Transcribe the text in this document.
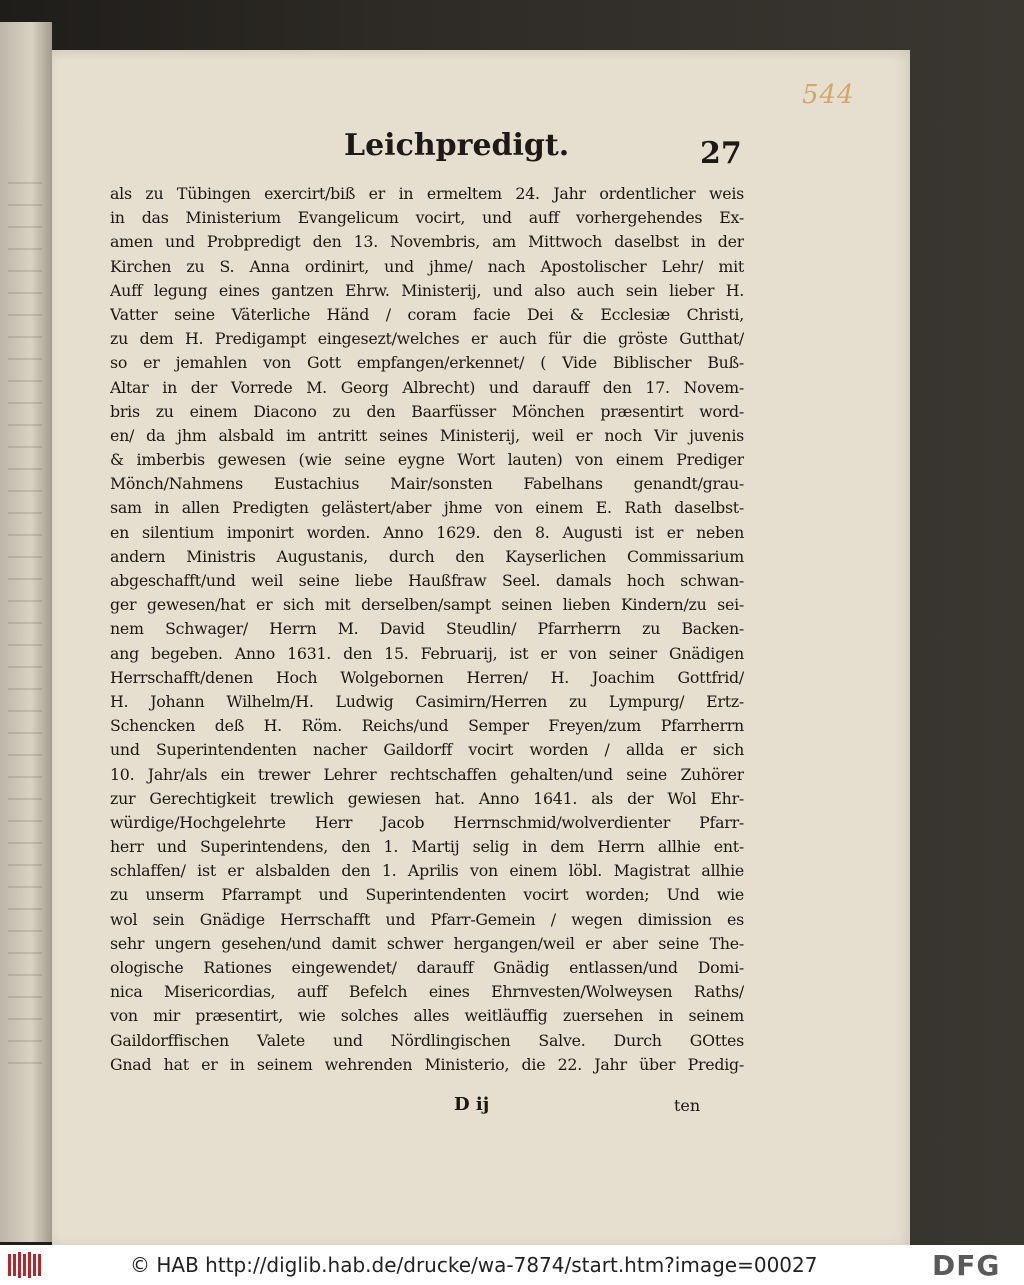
544
Leichpredigt.	27
als zu Tübingen exercirt/biß er in ermeltem 24. Jahr ordentlicher weis
in das Ministerium Evangelicum vocirt, und auff vorhergehendes Ex-
amen und Probpredigt den 13. Novembris, am Mittwoch daselbst in der
Kirchen zu S. Anna ordinirt, und jhme/ nach Apostolischer Lehr/ mit
Auff legung eines gantzen Ehrw. Ministerij, und also auch sein lieber H.
Vatter seine Väterliche Händ / coram facie Dei & Ecclesiæ Christi,
zu dem H. Predigampt eingesezt/welches er auch für die gröste Gutthat/
so er jemahlen von Gott empfangen/erkennet/ ( Vide Biblischer Buß-
Altar in der Vorrede M. Georg Albrecht) und darauff den 17. Novem-
bris zu einem Diacono zu den Baarfüsser Mönchen præsentirt word-
en/ da jhm alsbald im antritt seines Ministerij, weil er noch Vir juvenis
& imberbis gewesen (wie seine eygne Wort lauten) von einem Prediger
Mönch/Nahmens Eustachius Mair/sonsten Fabelhans genandt/grau-
sam in allen Predigten gelästert/aber jhme von einem E. Rath daselbst-
en silentium imponirt worden. Anno 1629. den 8. Augusti ist er neben
andern Ministris Augustanis, durch den Kayserlichen Commissarium
abgeschafft/und weil seine liebe Haußfraw Seel. damals hoch schwan-
ger gewesen/hat er sich mit derselben/sampt seinen lieben Kindern/zu sei-
nem Schwager/ Herrn M. David Steudlin/ Pfarrherrn zu Backen-
ang begeben. Anno 1631. den 15. Februarij, ist er von seiner Gnädigen
Herrschafft/denen Hoch Wolgebornen Herren/ H. Joachim Gottfrid/
H. Johann Wilhelm/H. Ludwig Casimirn/Herren zu Lympurg/ Ertz-
Schencken deß H. Röm. Reichs/und Semper Freyen/zum Pfarrherrn
und Superintendenten nacher Gaildorff vocirt worden / allda er sich
10. Jahr/als ein trewer Lehrer rechtschaffen gehalten/und seine Zuhörer
zur Gerechtigkeit trewlich gewiesen hat. Anno 1641. als der Wol Ehr-
würdige/Hochgelehrte Herr Jacob Herrnschmid/wolverdienter Pfarr-
herr und Superintendens, den 1. Martij selig in dem Herrn allhie ent-
schlaffen/ ist er alsbalden den 1. Aprilis von einem löbl. Magistrat allhie
zu unserm Pfarrampt und Superintendenten vocirt worden; Und wie
wol sein Gnädige Herrschafft und Pfarr-Gemein / wegen dimission es
sehr ungern gesehen/und damit schwer hergangen/weil er aber seine The-
ologische Rationes eingewendet/ darauff Gnädig entlassen/und Domi-
nica Misericordias, auff Befelch eines Ehrnvesten/Wolweysen Raths/
von mir præsentirt, wie solches alles weitläuffig zuersehen in seinem
Gaildorffischen Valete und Nördlingischen Salve. Durch GOttes
Gnad hat er in seinem wehrenden Ministerio, die 22. Jahr über Predig-
D ij	ten
© HAB http://diglib.hab.de/drucke/wa-7874/start.htm?image=00027	DFG
